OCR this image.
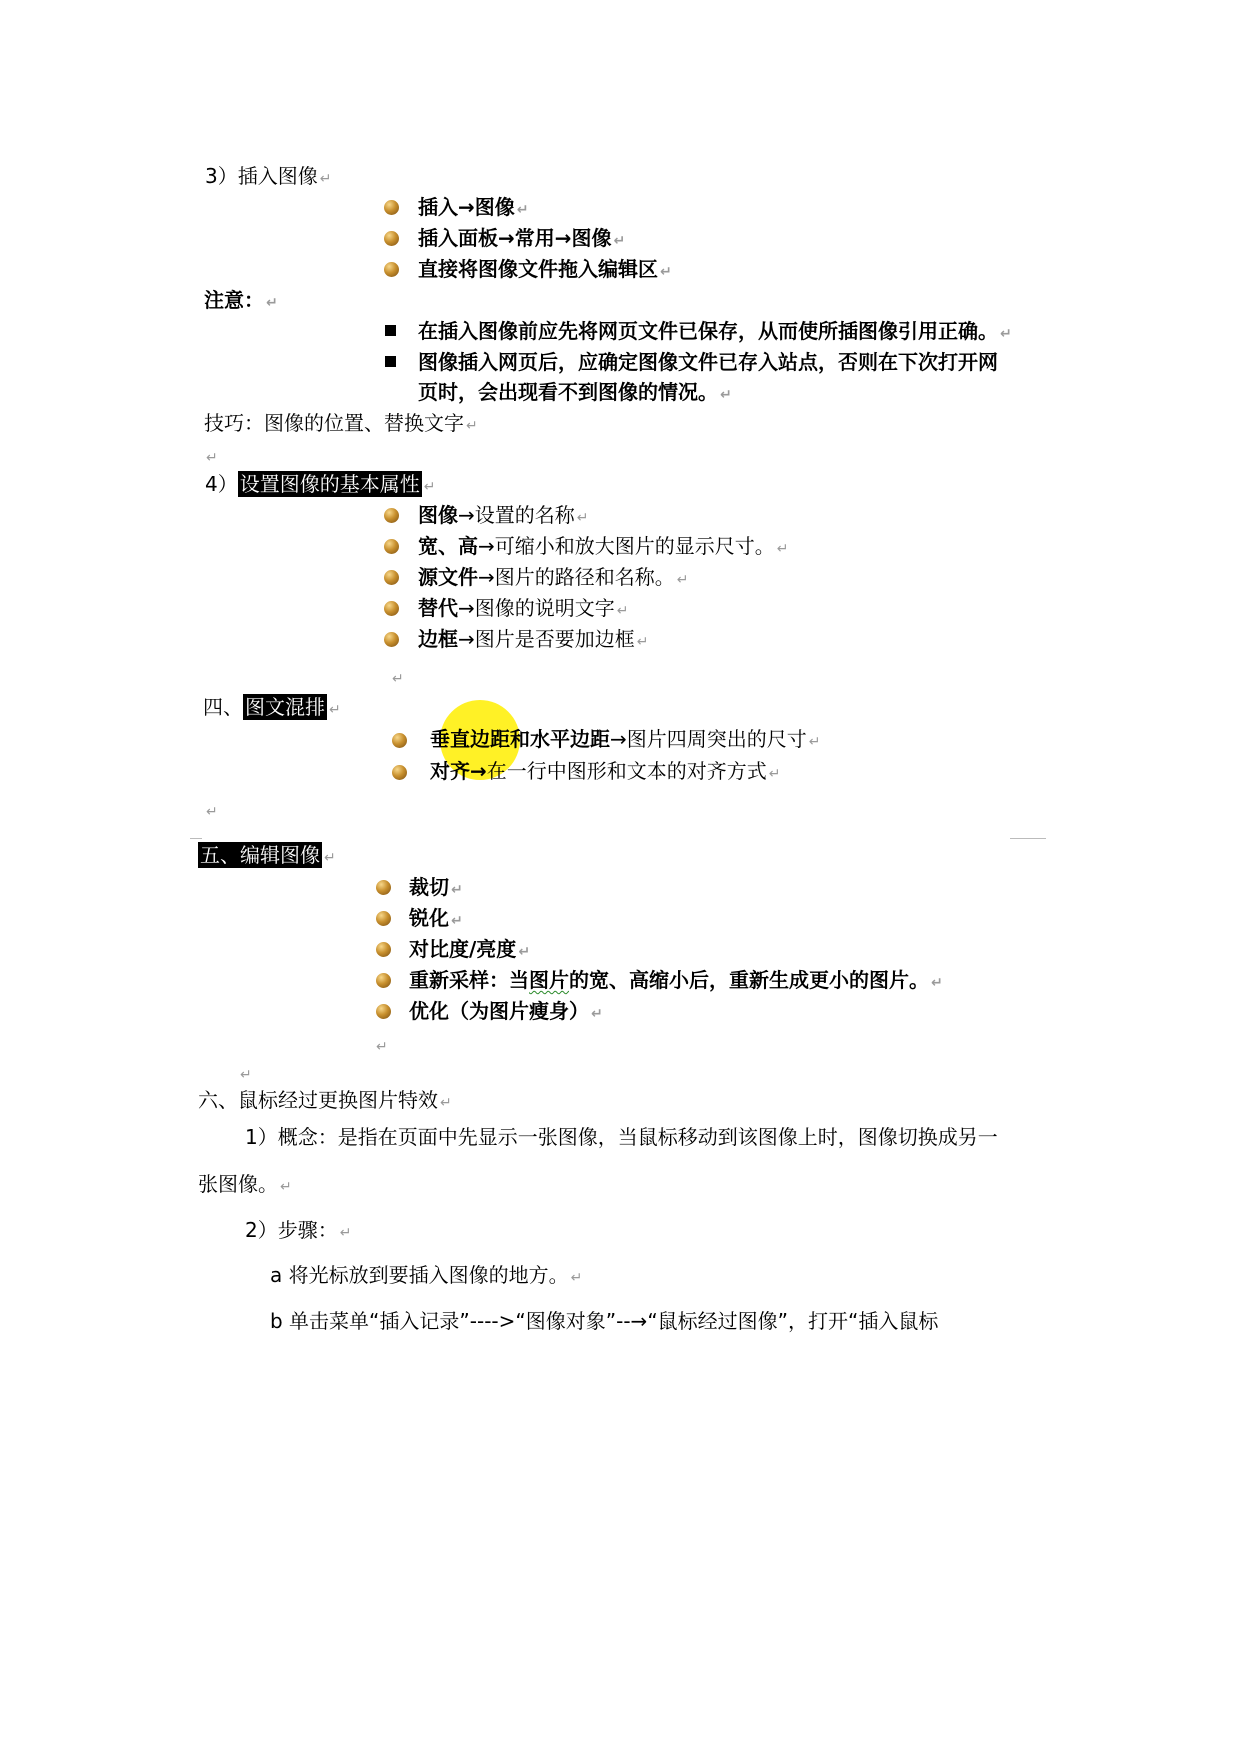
3）插入图像 ↵
插入→图像 ↵
插入面板→常用→图像 ↵
直接将图像文件拖入编辑区 ↵
注意： ↵
在插入图像前应先将网页文件已保存，从而使所插图像引用正确。 ↵
图像插入网页后，应确定图像文件已存入站点，否则在下次打开网
页时，会出现看不到图像的情况。 ↵
技巧：图像的位置、替换文字 ↵
↵
4） 设置图像的基本属性 ↵
图像→设置的名称 ↵
宽、高→可缩小和放大图片的显示尺寸。 ↵
源文件→图片的路径和名称。 ↵
替代→图像的说明文字 ↵
边框→图片是否要加边框 ↵
↵
四、 图文混排 ↵
垂直边距和水平边距→图片四周突出的尺寸 ↵
对齐→在一行中图形和文本的对齐方式 ↵
↵
五、编辑图像 ↵
裁切 ↵
锐化 ↵
对比度/亮度 ↵
重新采样：当图片的宽、高缩小后，重新生成更小的图片。 ↵
优化（为图片瘦身） ↵
↵
↵
六、鼠标经过更换图片特效 ↵
1）概念：是指在页面中先显示一张图像，当鼠标移动到该图像上时，图像切换成另一
张图像。 ↵
2）步骤： ↵
a 将光标放到要插入图像的地方。 ↵
b 单击菜单“插入记录”---->“图像对象”--→“鼠标经过图像”，打开“插入鼠标
